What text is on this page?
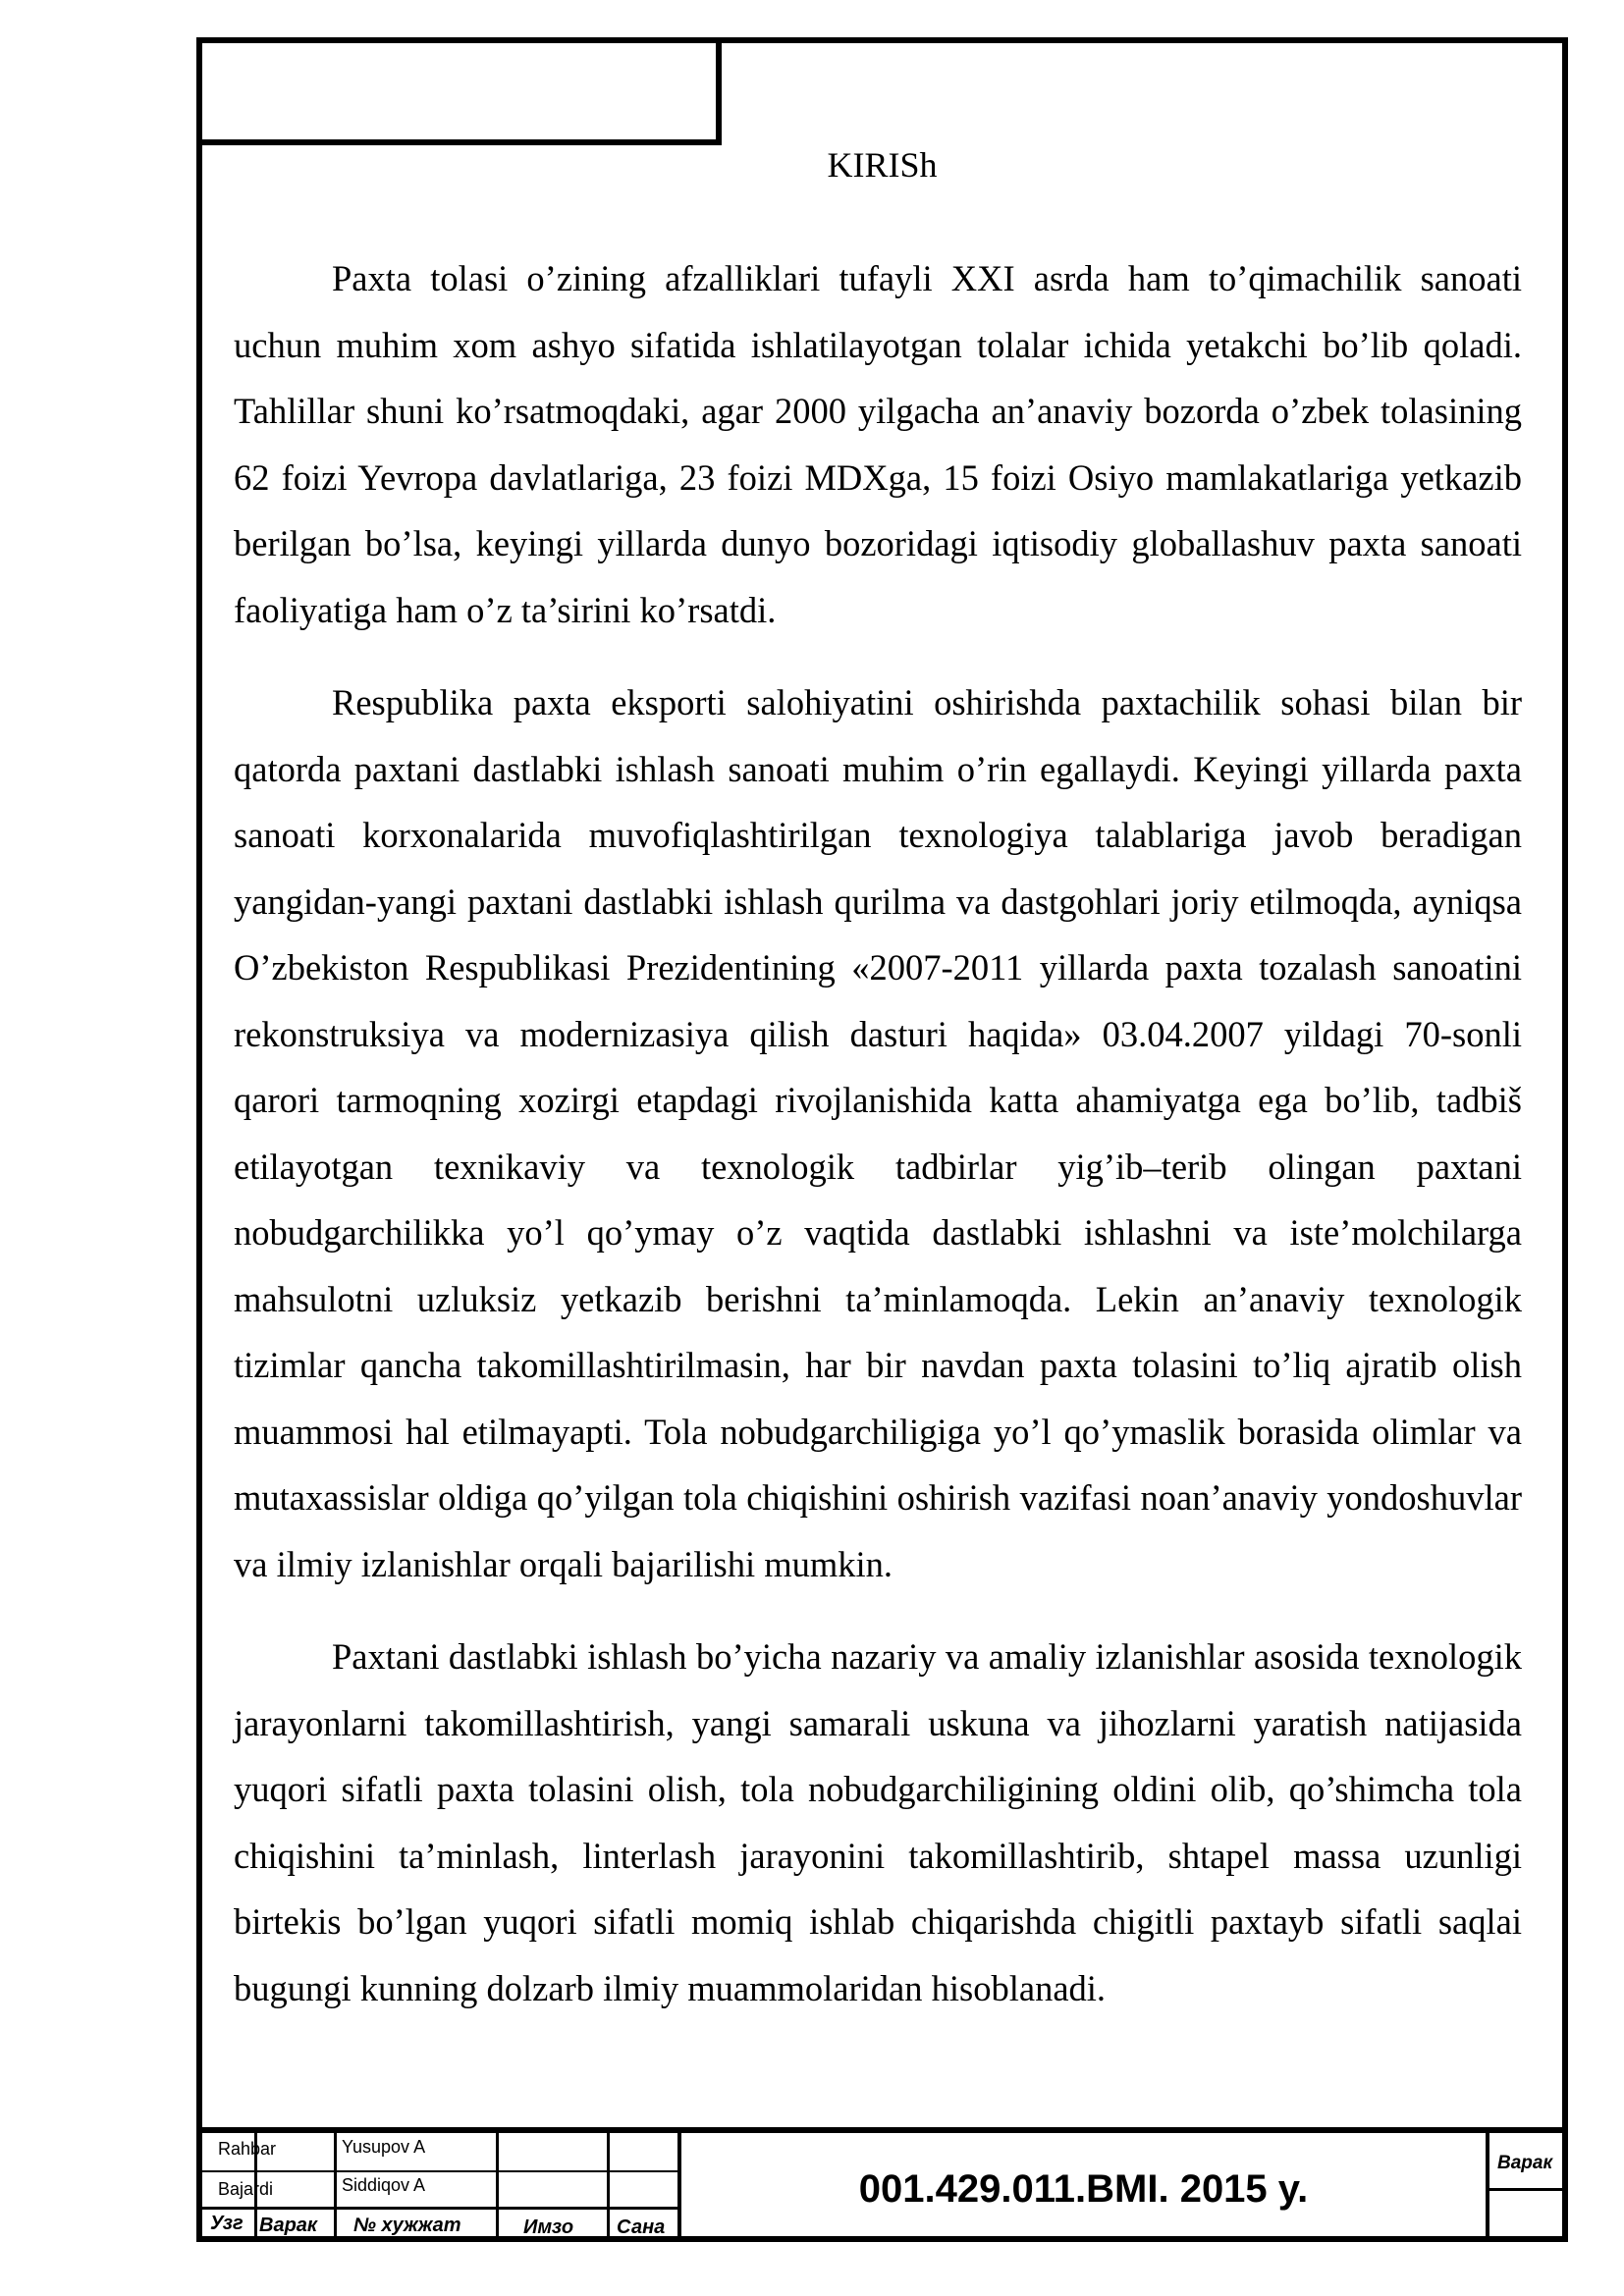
KIRISh

Paxta tolasi o’zining afzalliklari tufayli XXI asrda ham to’qimachilik sanoati uchun muhim xom ashyo sifatida ishlatilayotgan tolalar ichida yetakchi bo’lib qoladi. Tahlillar shuni ko’rsatmoqdaki, agar 2000 yilgacha an’anaviy bozorda o’zbek tolasining 62 foizi Yevropa davlatlariga, 23 foizi MDXga, 15 foizi Osiyo mamlakatlariga yetkazib berilgan bo’lsa, keyingi yillarda dunyo bozoridagi iqtisodiy globallashuv paxta sanoati faoliyatiga ham o’z ta’sirini ko’rsatdi.

Respublika paxta eksporti salohiyatini oshirishda paxtachilik sohasi bilan bir qatorda paxtani dastlabki ishlash sanoati muhim o’rin egallaydi. Keyingi yillarda paxta sanoati korxonalarida muvofiqlashtirilgan texnologiya talablariga javob beradigan yangidan-yangi paxtani dastlabki ishlash qurilma va dastgohlari joriy etilmoqda, ayniqsa O’zbekiston Respublikasi Prezidentining «2007-2011 yillarda paxta tozalash sanoatini rekonstruksiya va modernizasiya qilish dasturi haqida» 03.04.2007 yildagi 70-sonli qarori tarmoqning xozirgi etapdagi rivojlanishida katta ahamiyatga ega bo’lib, tadbiš etilayotgan texnikaviy va texnologik tadbirlar yig’ib–terib olingan paxtani nobudgarchilikka yo’l qo’ymay o’z vaqtida dastlabki ishlashni va iste’molchilarga mahsulotni uzluksiz yetkazib berishni ta’minlamoqda. Lekin an’anaviy texnologik tizimlar qancha takomillashtirilmasin, har bir navdan paxta tolasini to’liq ajratib olish muammosi hal etilmayapti. Tola nobudgarchiligiga yo’l qo’ymaslik borasida olimlar va mutaxassislar oldiga qo’yilgan tola chiqishini oshirish vazifasi noan’anaviy yondoshuvlar va ilmiy izlanishlar orqali bajarilishi mumkin.

Paxtani dastlabki ishlash bo’yicha nazariy va amaliy izlanishlar asosida texnologik jarayonlarni takomillashtirish, yangi samarali uskuna va jihozlarni yaratish natijasida yuqori sifatli paxta tolasini olish, tola nobudgarchiligining oldini olib, qo’shimcha tola chiqishini ta’minlash, linterlash jarayonini takomillashtirib, shtapel massa uzunligi birtekis bo’lgan yuqori sifatli momiq ishlab chiqarishda chigitli paxtayb sifatli saqlai bugungi kunning dolzarb ilmiy muammolaridan hisoblanadi.

Rahbar	Yusupov A
Bajardi	Siddiqov A
Узг Варак № хужжат	Имзо Сана
001.429.011.BMI. 2015 y.
Варак
